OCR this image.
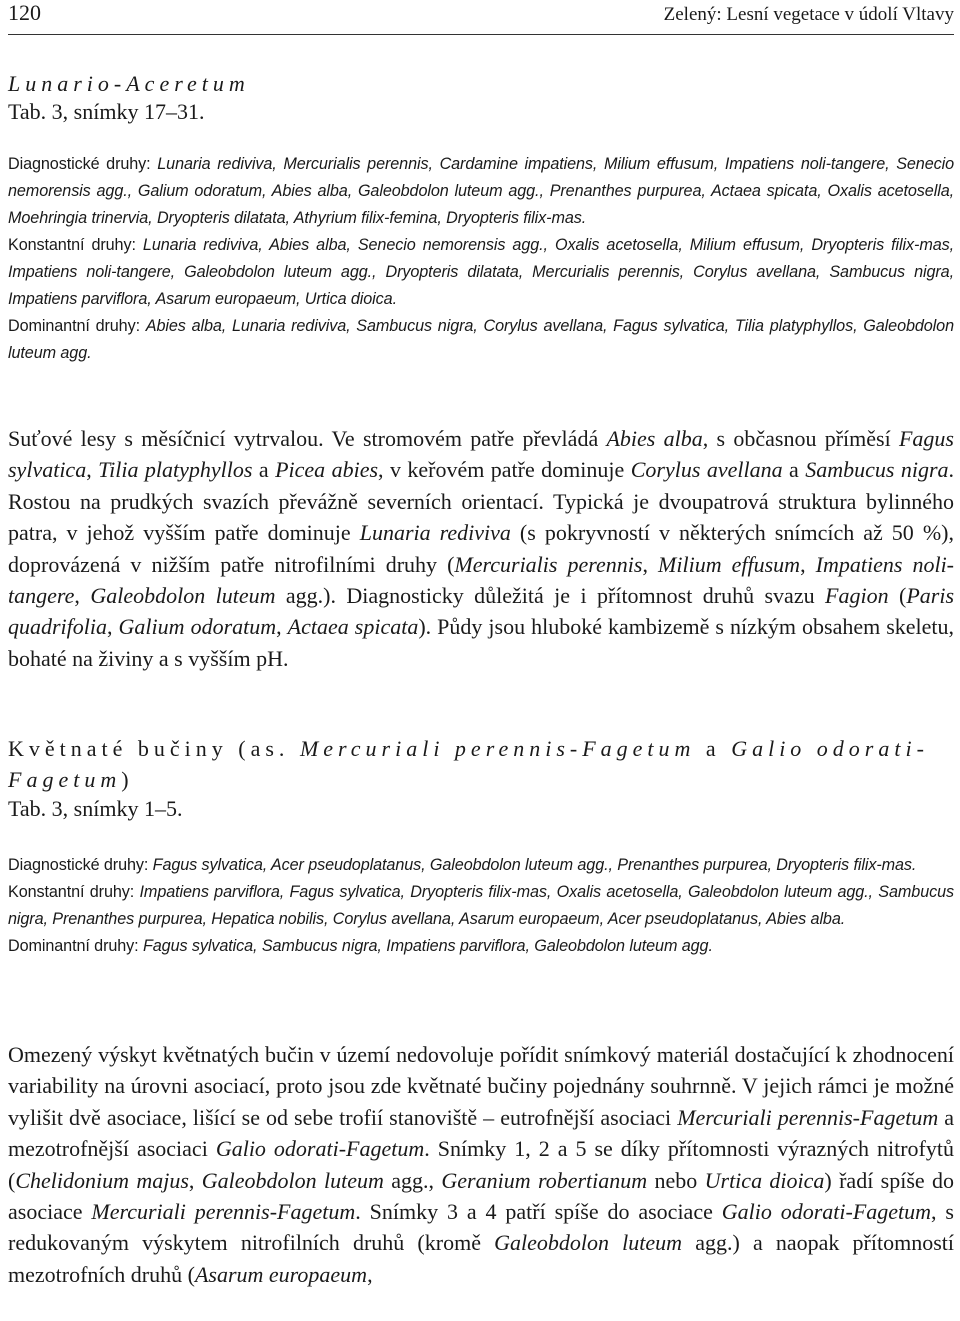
120	Zelený: Lesní vegetace v údolí Vltavy
Lunario-Aceretum
Tab. 3, snímky 17–31.
Diagnostické druhy: Lunaria rediviva, Mercurialis perennis, Cardamine impatiens, Milium effusum, Impatiens noli-tangere, Senecio nemorensis agg., Galium odoratum, Abies alba, Galeobdolon luteum agg., Prenanthes purpurea, Actaea spicata, Oxalis acetosella, Moehringia trinervia, Dryopteris dilatata, Athyrium filix-femina, Dryopteris filix-mas.
Konstantní druhy: Lunaria rediviva, Abies alba, Senecio nemorensis agg., Oxalis acetosella, Milium effusum, Dryopteris filix-mas, Impatiens noli-tangere, Galeobdolon luteum agg., Dryopteris dilatata, Mercurialis perennis, Corylus avellana, Sambucus nigra, Impatiens parviflora, Asarum europaeum, Urtica dioica.
Dominantní druhy: Abies alba, Lunaria rediviva, Sambucus nigra, Corylus avellana, Fagus sylvatica, Tilia platyphyllos, Galeobdolon luteum agg.
Suťové lesy s měsíčnicí vytrvalou. Ve stromovém patře převládá Abies alba, s občasnou příměsí Fagus sylvatica, Tilia platyphyllos a Picea abies, v keřovém patře dominuje Corylus avellana a Sambucus nigra. Rostou na prudkých svazích převážně severních orientací. Typická je dvoupatrová struktura bylinného patra, v jehož vyšším patře dominuje Lunaria rediviva (s pokryvností v některých snímcích až 50 %), doprovázená v nižším patře nitrofilními druhy (Mercurialis perennis, Milium effusum, Impatiens noli-tangere, Galeobdolon luteum agg.). Diagnosticky důležitá je i přítomnost druhů svazu Fagion (Paris quadrifolia, Galium odoratum, Actaea spicata). Půdy jsou hluboké kambizemě s nízkým obsahem skeletu, bohaté na živiny a s vyšším pH.
Květnaté bučiny (as. Mercuriali perennis-Fagetum a Galio odorati-Fagetum)
Tab. 3, snímky 1–5.
Diagnostické druhy: Fagus sylvatica, Acer pseudoplatanus, Galeobdolon luteum agg., Prenanthes purpurea, Dryopteris filix-mas.
Konstantní druhy: Impatiens parviflora, Fagus sylvatica, Dryopteris filix-mas, Oxalis acetosella, Galeobdolon luteum agg., Sambucus nigra, Prenanthes purpurea, Hepatica nobilis, Corylus avellana, Asarum europaeum, Acer pseudoplatanus, Abies alba.
Dominantní druhy: Fagus sylvatica, Sambucus nigra, Impatiens parviflora, Galeobdolon luteum agg.
Omezený výskyt květnatých bučin v území nedovoluje pořídit snímkový materiál dostačující k zhodnocení variability na úrovni asociací, proto jsou zde květnaté bučiny pojednány souhrnně. V jejich rámci je možné vylišit dvě asociace, lišící se od sebe trofií stanoviště – eutrofnější asociaci Mercuriali perennis-Fagetum a mezotrofnější asociaci Galio odorati-Fagetum. Snímky 1, 2 a 5 se díky přítomnosti výrazných nitrofytů (Chelidonium majus, Galeobdolon luteum agg., Geranium robertianum nebo Urtica dioica) řadí spíše do asociace Mercuriali perennis-Fagetum. Snímky 3 a 4 patří spíše do asociace Galio odorati-Fagetum, s redukovaným výskytem nitrofilních druhů (kromě Galeobdolon luteum agg.) a naopak přítomností mezotrofních druhů (Asarum europaeum,
